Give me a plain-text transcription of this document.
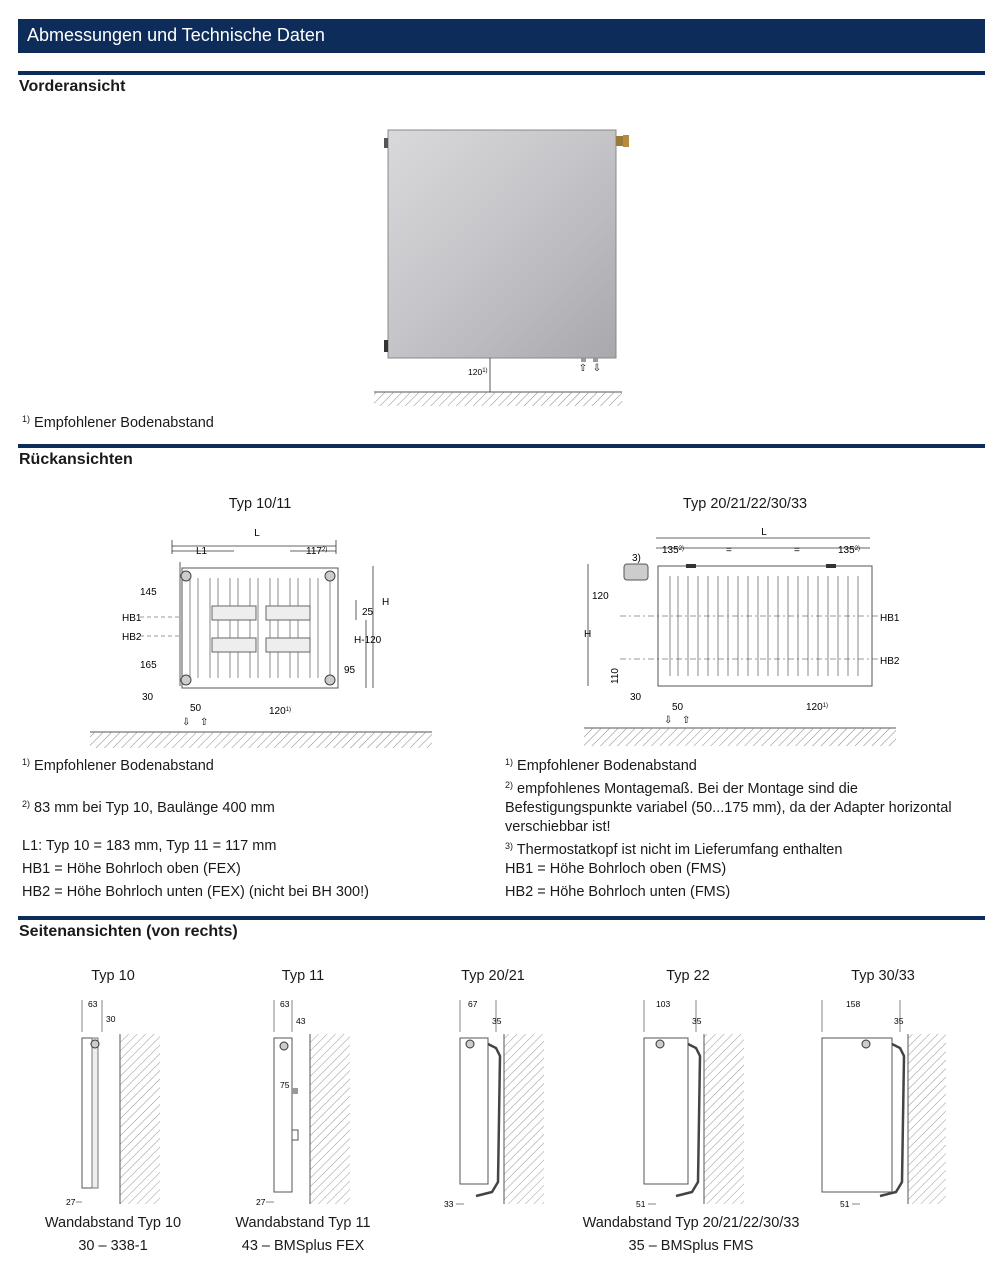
Abmessungen und Technische Daten
Vorderansicht
⇧ ⇩
120$^{1)}$
$^{1)}$ Empfohlener Bodenabstand
Rückansichten
Typ 10/11
L
L1	117$^{2)}$
145
HB1
HB2
165
30
50	120$^{1)}$
⇩ ⇧
H
25
H-120
95
Typ 20/21/22/30/33
L
$135^{2)}$	=	=	$135^{2)}$
3)
120
H
110
30
50	120$^{1)}$
⇩ ⇧
HB1
HB2
$^{1)}$ Empfohlener Bodenabstand
$^{2)}$ 83 mm bei Typ 10, Baulänge 400 mm
L1: Typ 10 = 183 mm, Typ 11 = 117 mm
HB1 = Höhe Bohrloch oben (FEX)
HB2 = Höhe Bohrloch unten (FEX) (nicht bei BH 300!)
$^{1)}$ Empfohlener Bodenabstand
$^{2)}$ empfohlenes Montagemaß. Bei der Montage sind die Befestigungspunkte variabel (50...175 mm), da der Adapter horizontal verschiebbar ist!
$^{3)}$ Thermostatkopf ist nicht im Lieferumfang enthalten
HB1 = Höhe Bohrloch oben (FMS)
HB2 = Höhe Bohrloch unten (FMS)
Seitenansichten (von rechts)
Typ 10
63
30
27
Typ 11
63
43
75
27
Typ 20/21
67
35
33
Typ 22
103
35
51
Typ 30/33
158
35
51
Wandabstand Typ 10
30 – 338-1
Wandabstand Typ 11
43 – BMSplus FEX
Wandabstand Typ 20/21/22/30/33
35 – BMSplus FMS
